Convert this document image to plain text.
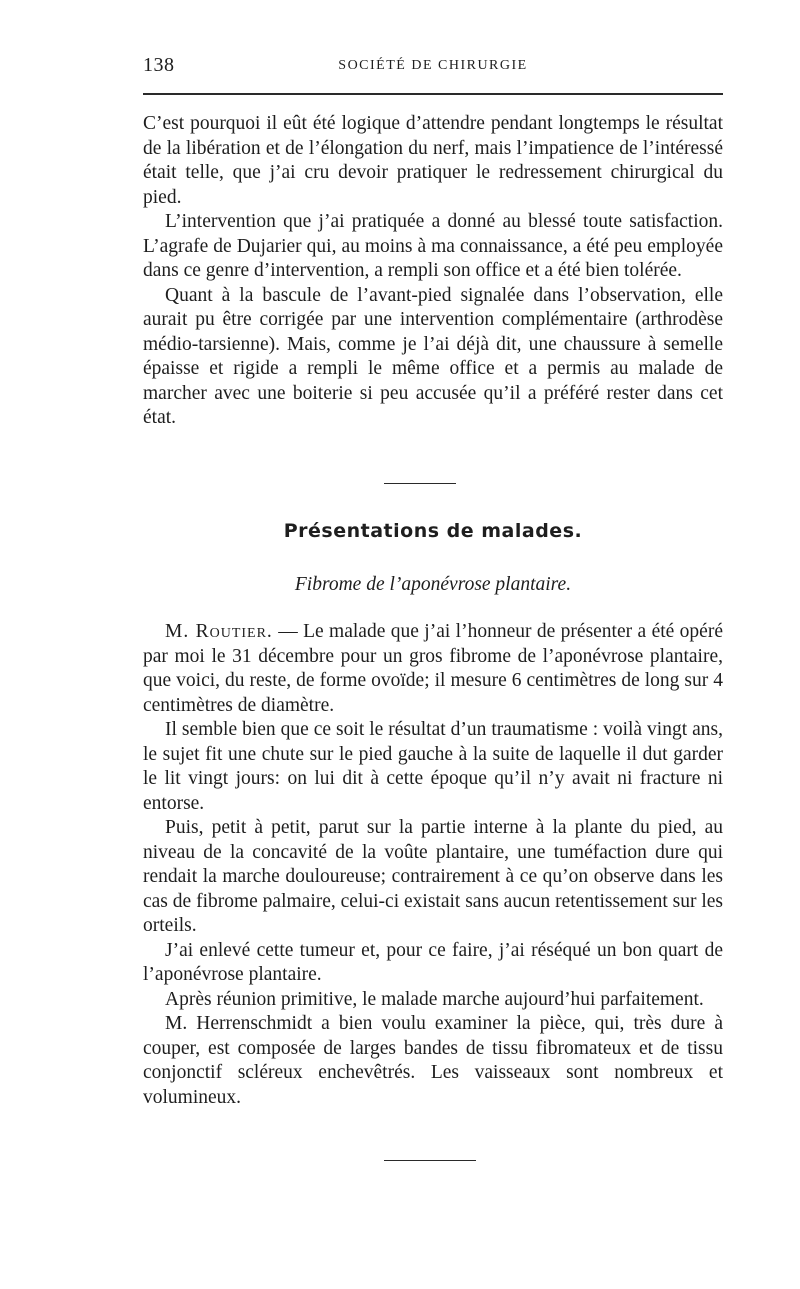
138	SOCIÉTÉ DE CHIRURGIE

C’est pourquoi il eût été logique d’attendre pendant longtemps le résultat de la libération et de l’élongation du nerf, mais l’impatience de l’intéressé était telle, que j’ai cru devoir pratiquer le redressement chirurgical du pied.

L’intervention que j’ai pratiquée a donné au blessé toute satisfaction. L’agrafe de Dujarier qui, au moins à ma connaissance, a été peu employée dans ce genre d’intervention, a rempli son office et a été bien tolérée.

Quant à la bascule de l’avant-pied signalée dans l’observation, elle aurait pu être corrigée par une intervention complémentaire (arthrodèse médio-tarsienne). Mais, comme je l’ai déjà dit, une chaussure à semelle épaisse et rigide a rempli le même office et a permis au malade de marcher avec une boiterie si peu accusée qu’il a préféré rester dans cet état.

Présentations de malades.
Fibrome de l’aponévrose plantaire.

M. Routier. — Le malade que j’ai l’honneur de présenter a été opéré par moi le 31 décembre pour un gros fibrome de l’aponévrose plantaire, que voici, du reste, de forme ovoïde; il mesure 6 centimètres de long sur 4 centimètres de diamètre.

Il semble bien que ce soit le résultat d’un traumatisme : voilà vingt ans, le sujet fit une chute sur le pied gauche à la suite de laquelle il dut garder le lit vingt jours: on lui dit à cette époque qu’il n’y avait ni fracture ni entorse.

Puis, petit à petit, parut sur la partie interne à la plante du pied, au niveau de la concavité de la voûte plantaire, une tuméfaction dure qui rendait la marche douloureuse; contrairement à ce qu’on observe dans les cas de fibrome palmaire, celui-ci existait sans aucun retentissement sur les orteils.

J’ai enlevé cette tumeur et, pour ce faire, j’ai réséqué un bon quart de l’aponévrose plantaire.

Après réunion primitive, le malade marche aujourd’hui parfaitement.

M. Herrenschmidt a bien voulu examiner la pièce, qui, très dure à couper, est composée de larges bandes de tissu fibromateux et de tissu conjonctif scléreux enchevêtrés. Les vaisseaux sont nombreux et volumineux.
